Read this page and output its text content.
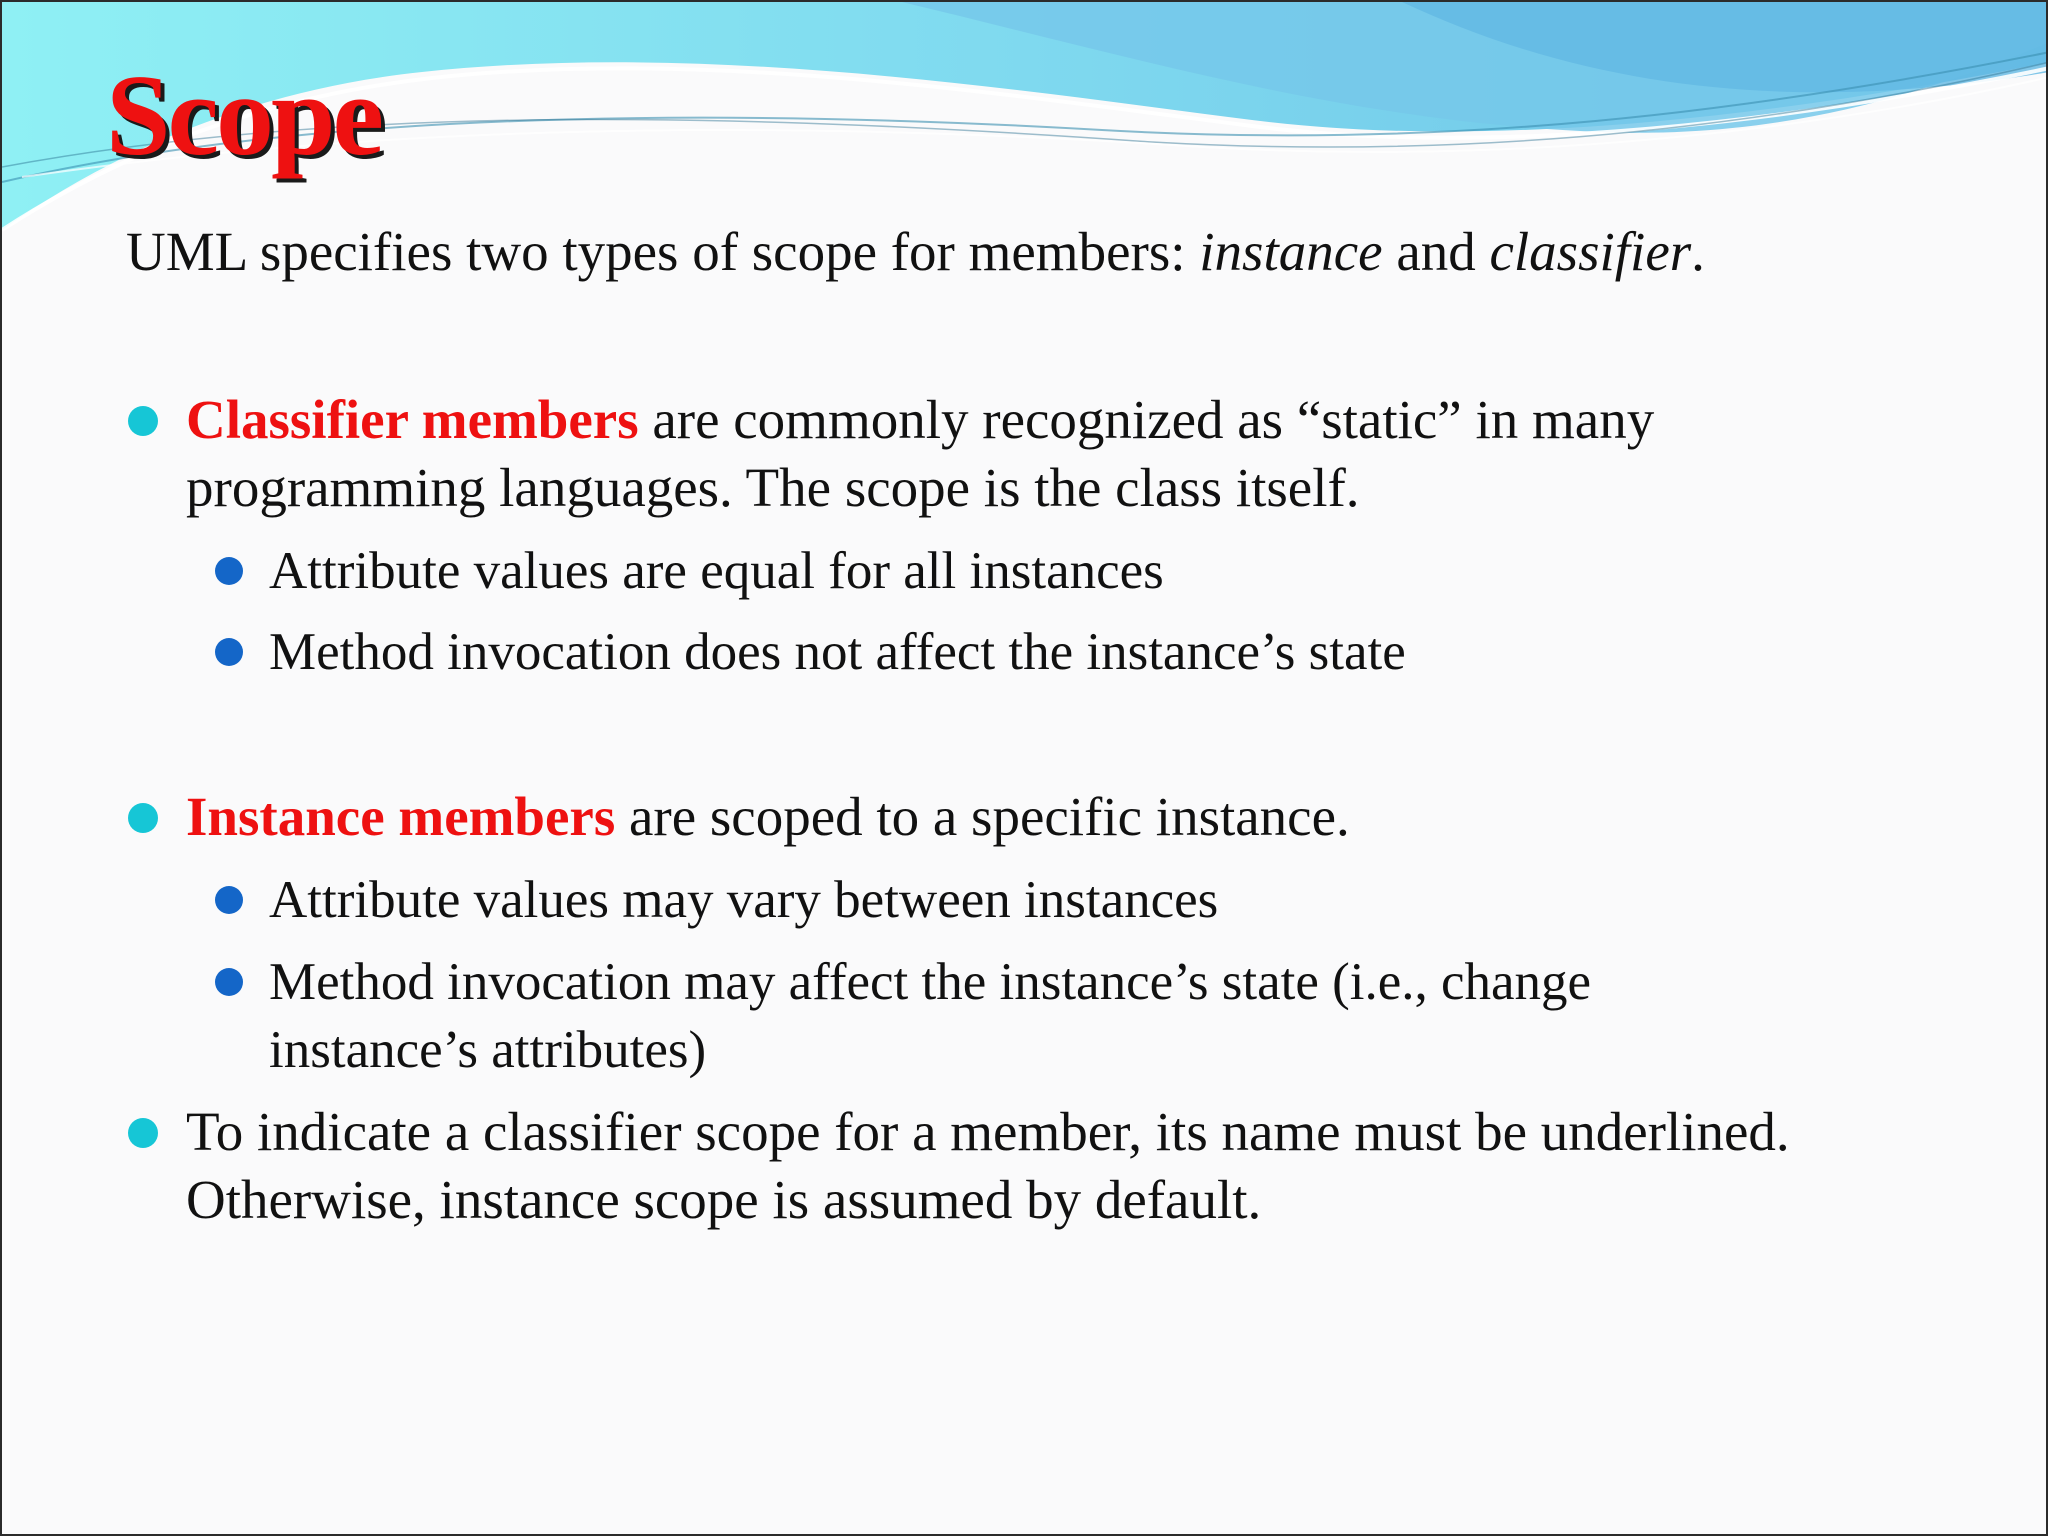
Scope
UML specifies two types of scope for members: instance and classifier.
Classifier members are commonly recognized as “static” in many
programming languages. The scope is the class itself.
Attribute values are equal for all instances
Method invocation does not affect the instance’s state
Instance members are scoped to a specific instance.
Attribute values may vary between instances
Method invocation may affect the instance’s state (i.e., change
instance’s attributes)
To indicate a classifier scope for a member, its name must be underlined.
Otherwise, instance scope is assumed by default.
